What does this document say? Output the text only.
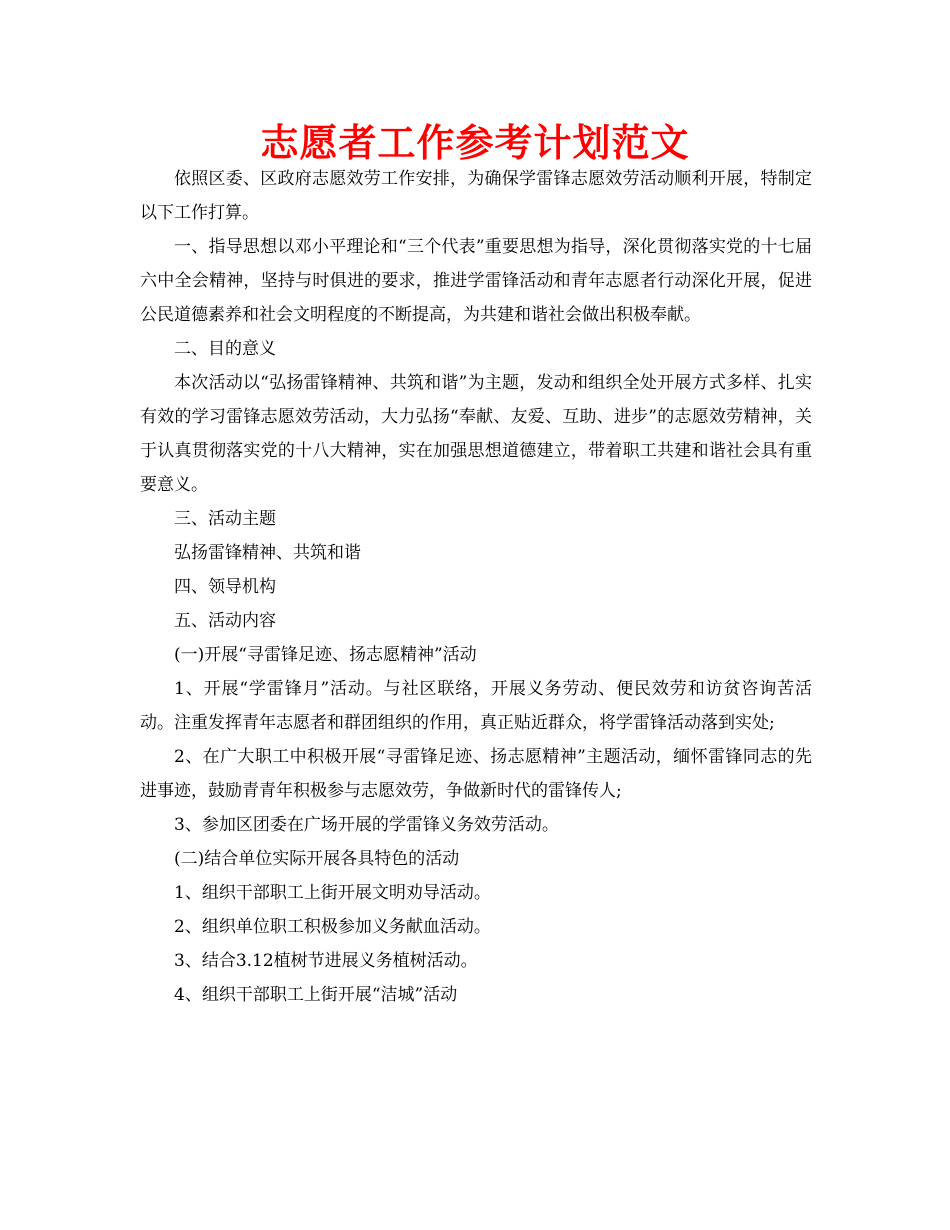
志愿者工作参考计划范文

依照区委、区政府志愿效劳工作安排，为确保学雷锋志愿效劳活动顺利开展，特制定以下工作打算。

一、指导思想以邓小平理论和“三个代表”重要思想为指导，深化贯彻落实党的十七届六中全会精神，坚持与时俱进的要求，推进学雷锋活动和青年志愿者行动深化开展，促进公民道德素养和社会文明程度的不断提高，为共建和谐社会做出积极奉献。

二、目的意义

本次活动以“弘扬雷锋精神、共筑和谐”为主题，发动和组织全处开展方式多样、扎实有效的学习雷锋志愿效劳活动，大力弘扬“奉献、友爱、互助、进步”的志愿效劳精神，关于认真贯彻落实党的十八大精神，实在加强思想道德建立，带着职工共建和谐社会具有重要意义。

三、活动主题

弘扬雷锋精神、共筑和谐

四、领导机构

五、活动内容

(一)开展“寻雷锋足迹、扬志愿精神”活动

1、开展“学雷锋月”活动。与社区联络，开展义务劳动、便民效劳和访贫咨询苦活动。注重发挥青年志愿者和群团组织的作用，真正贴近群众，将学雷锋活动落到实处;

2、在广大职工中积极开展“寻雷锋足迹、扬志愿精神”主题活动，缅怀雷锋同志的先进事迹，鼓励青青年积极参与志愿效劳，争做新时代的雷锋传人;

3、参加区团委在广场开展的学雷锋义务效劳活动。

(二)结合单位实际开展各具特色的活动

1、组织干部职工上街开展文明劝导活动。

2、组织单位职工积极参加义务献血活动。

3、结合3.12植树节进展义务植树活动。

4、组织干部职工上街开展“洁城”活动
